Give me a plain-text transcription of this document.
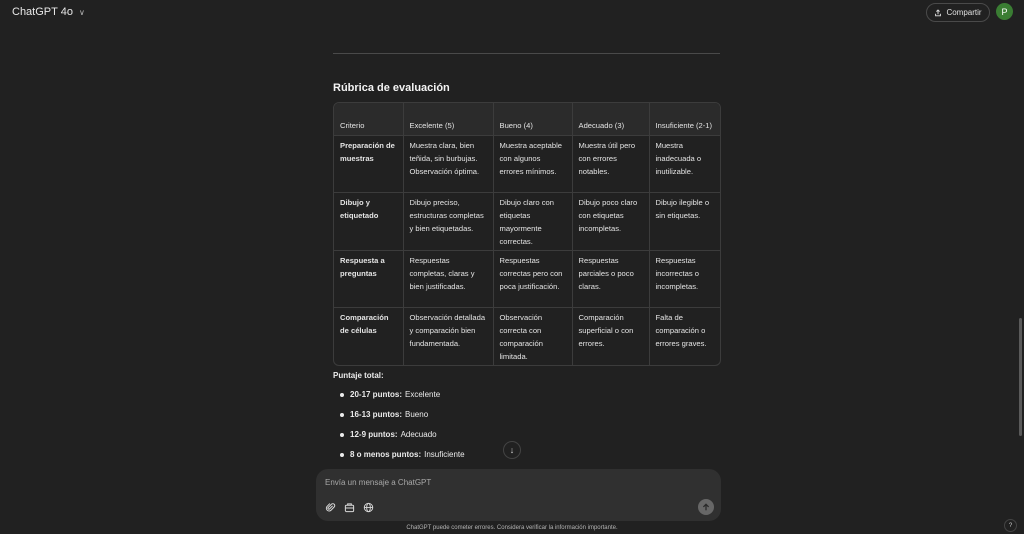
ChatGPT 4o ∨	Compartir	P
Rúbrica de evaluación
Criterio	Excelente (5)	Bueno (4)	Adecuado (3)	Insuficiente (2-1)
Preparación de muestras	Muestra clara, bien teñida, sin burbujas. Observación óptima.	Muestra aceptable con algunos errores mínimos.	Muestra útil pero con errores notables.	Muestra inadecuada o inutilizable.
Dibujo y etiquetado	Dibujo preciso, estructuras completas y bien etiquetadas.	Dibujo claro con etiquetas mayormente correctas.	Dibujo poco claro con etiquetas incompletas.	Dibujo ilegible o sin etiquetas.
Respuesta a preguntas	Respuestas completas, claras y bien justificadas.	Respuestas correctas pero con poca justificación.	Respuestas parciales o poco claras.	Respuestas incorrectas o incompletas.
Comparación de células	Observación detallada y comparación bien fundamentada.	Observación correcta con comparación limitada.	Comparación superficial o con errores.	Falta de comparación o errores graves.
Puntaje total:
20-17 puntos: Excelente
16-13 puntos: Bueno
12-9 puntos: Adecuado
8 o menos puntos: Insuficiente	↓
Envía un mensaje a ChatGPT
ChatGPT puede cometer errores. Considera verificar la información importante.	?
